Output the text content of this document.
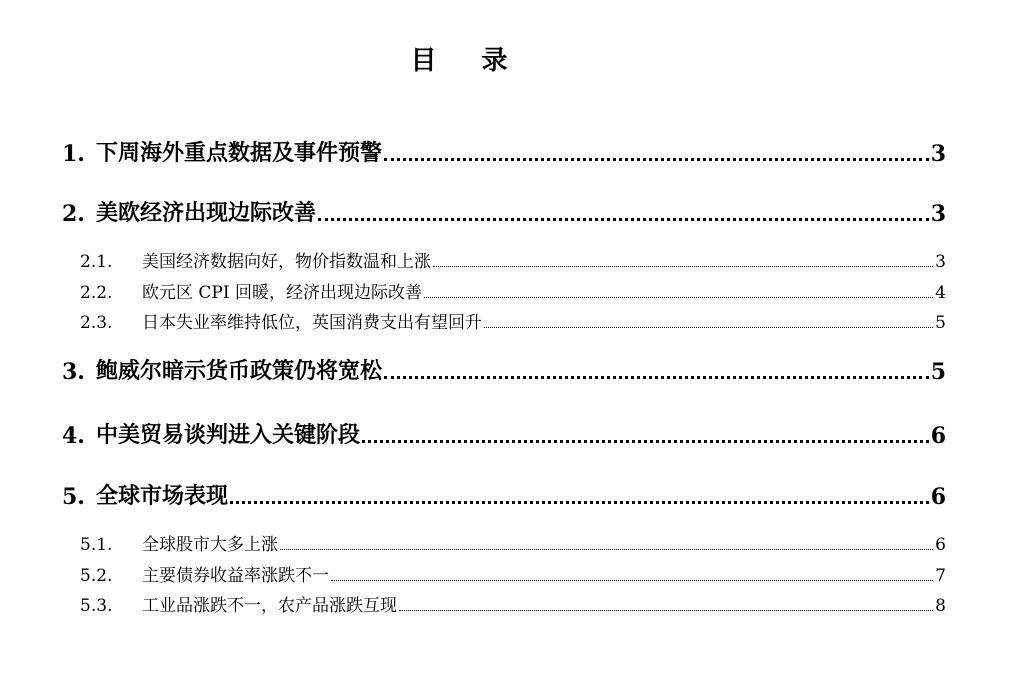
目 录
1. 下周海外重点数据及事件预警	3
2. 美欧经济出现边际改善	3
2.1.	美国经济数据向好，物价指数温和上涨	3
2.2.	欧元区 CPI 回暖，经济出现边际改善	4
2.3.	日本失业率维持低位，英国消费支出有望回升	5
3. 鲍威尔暗示货币政策仍将宽松	5
4. 中美贸易谈判进入关键阶段	6
5. 全球市场表现	6
5.1.	全球股市大多上涨	6
5.2.	主要债券收益率涨跌不一	7
5.3.	工业品涨跌不一，农产品涨跌互现	8
